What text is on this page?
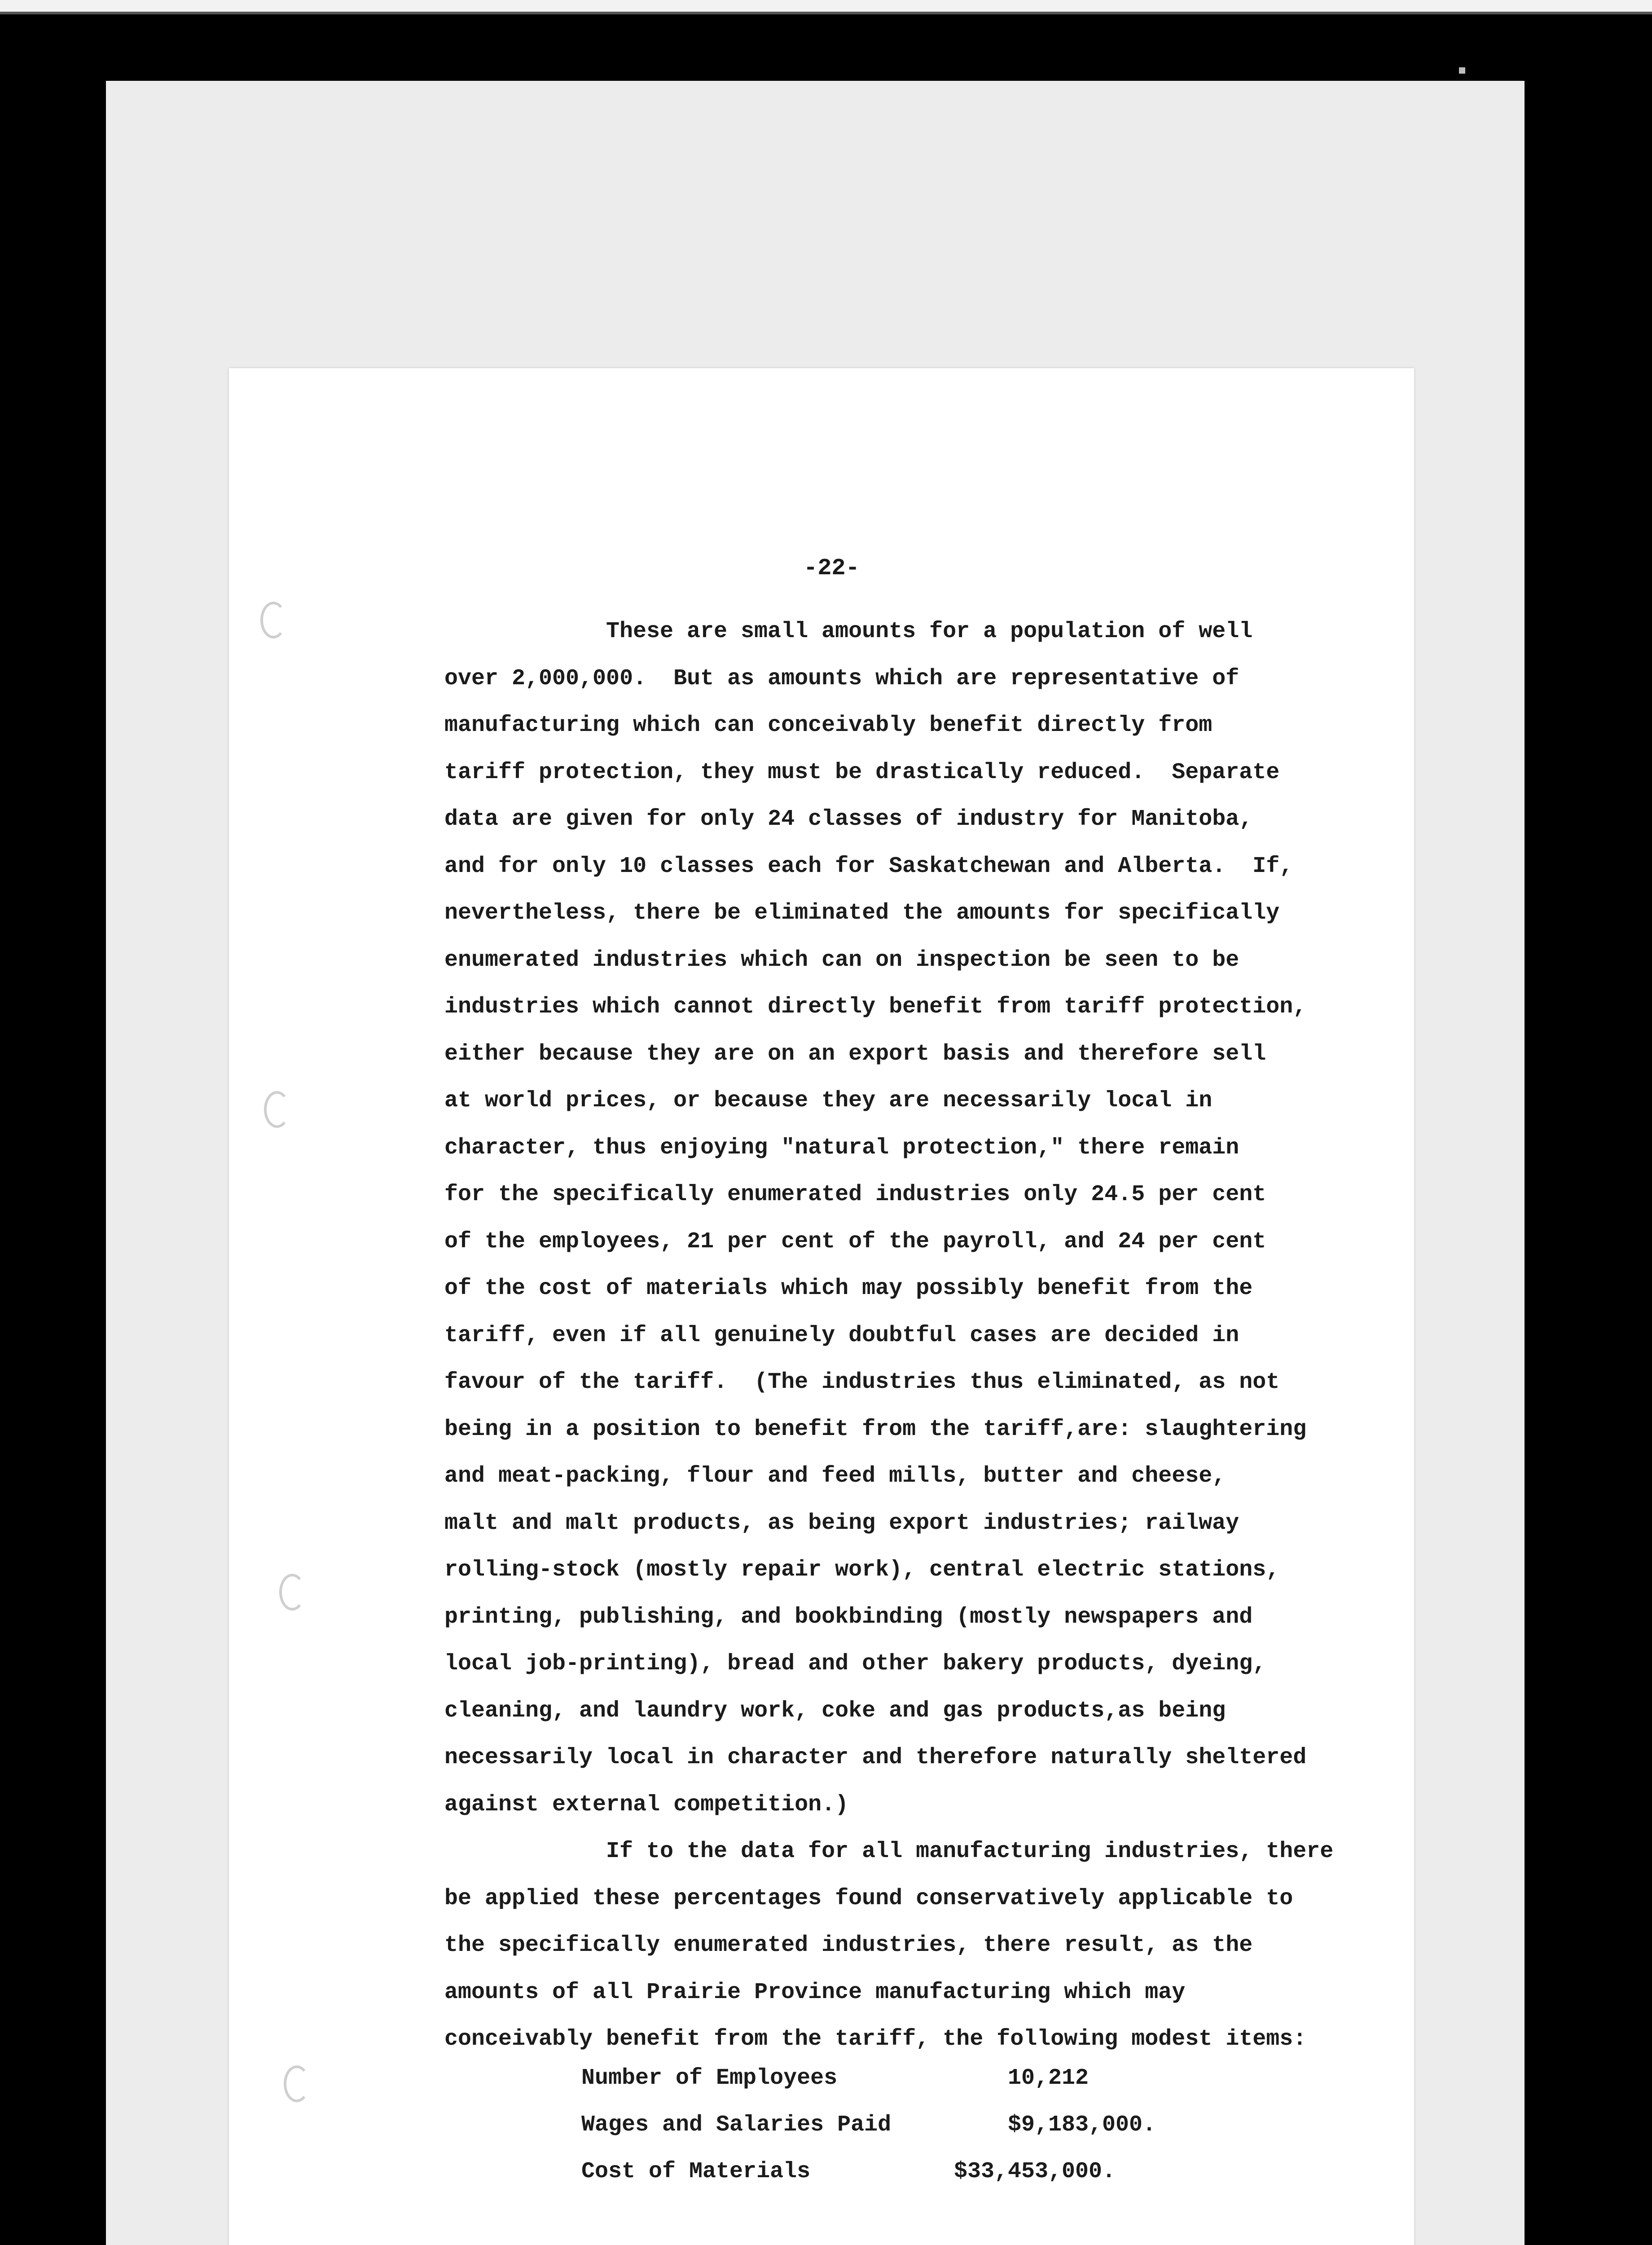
-22-
These are small amounts for a population of well
over 2,000,000.  But as amounts which are representative of
manufacturing which can conceivably benefit directly from
tariff protection, they must be drastically reduced.  Separate
data are given for only 24 classes of industry for Manitoba,
and for only 10 classes each for Saskatchewan and Alberta.  If,
nevertheless, there be eliminated the amounts for specifically
enumerated industries which can on inspection be seen to be
industries which cannot directly benefit from tariff protection,
either because they are on an export basis and therefore sell
at world prices, or because they are necessarily local in
character, thus enjoying "natural protection," there remain
for the specifically enumerated industries only 24.5 per cent
of the employees, 21 per cent of the payroll, and 24 per cent
of the cost of materials which may possibly benefit from the
tariff, even if all genuinely doubtful cases are decided in
favour of the tariff.  (The industries thus eliminated, as not
being in a position to benefit from the tariff,are: slaughtering
and meat-packing, flour and feed mills, butter and cheese,
malt and malt products, as being export industries; railway
rolling-stock (mostly repair work), central electric stations,
printing, publishing, and bookbinding (mostly newspapers and
local job-printing), bread and other bakery products, dyeing,
cleaning, and laundry work, coke and gas products,as being
necessarily local in character and therefore naturally sheltered
against external competition.)
If to the data for all manufacturing industries, there
be applied these percentages found conservatively applicable to
the specifically enumerated industries, there result, as the
amounts of all Prairie Province manufacturing which may
conceivably benefit from the tariff, the following modest items:
Number of Employees	10,212
Wages and Salaries Paid	$9,183,000.
Cost of Materials	$33,453,000.
